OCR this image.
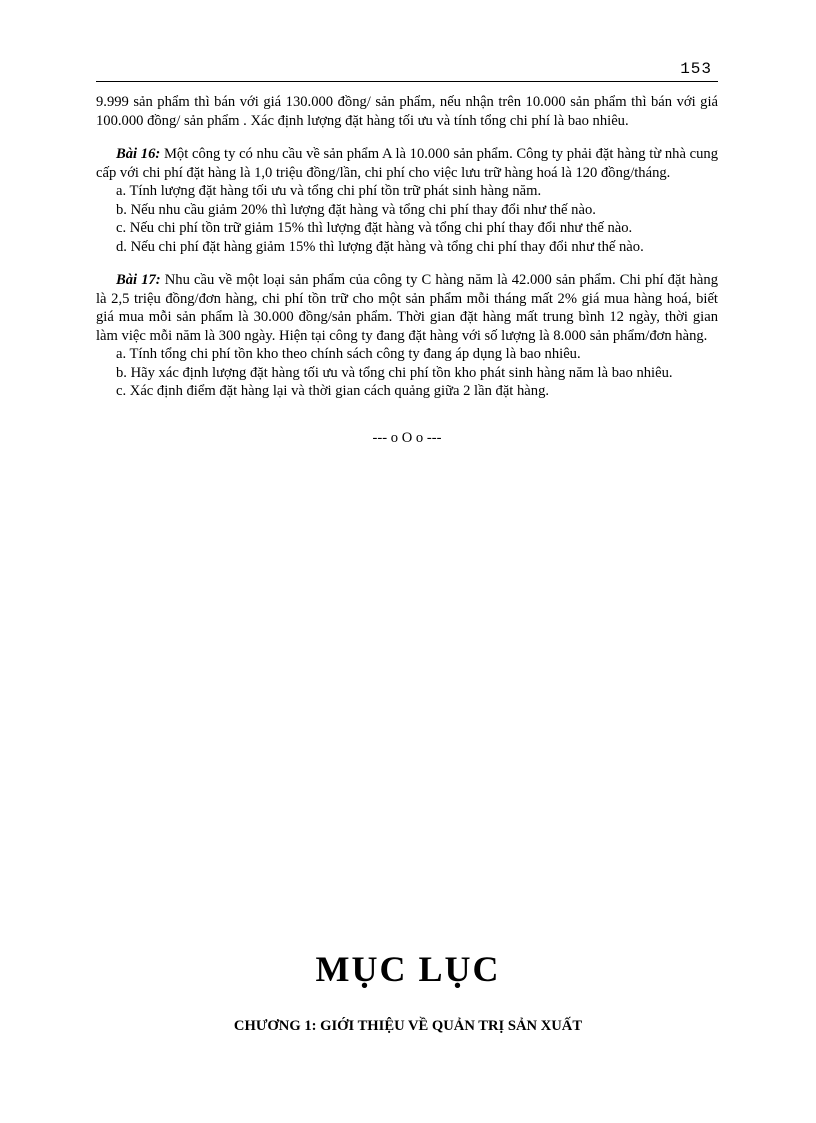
153

9.999 sản phẩm thì bán với giá 130.000 đồng/ sản phẩm, nếu nhận trên 10.000 sản phẩm thì bán với giá 100.000 đồng/ sản phẩm . Xác định lượng đặt hàng tối ưu và tính tổng chi phí là bao nhiêu.

Bài 16: Một công ty có nhu cầu về sản phẩm A là 10.000 sản phẩm. Công ty phải đặt hàng từ nhà cung cấp với chi phí đặt hàng là 1,0 triệu đồng/lần, chi phí cho việc lưu trữ hàng hoá là 120 đồng/tháng.

a. Tính lượng đặt hàng tối ưu và tổng chi phí tồn trữ phát sinh hàng năm.

b. Nếu nhu cầu giảm 20% thì lượng đặt hàng và tổng chi phí thay đổi như thế nào.

c. Nếu chi phí tồn trữ giảm 15% thì lượng đặt hàng và tổng chi phí thay đổi như thế nào.

d. Nếu chi phí đặt hàng giảm 15% thì lượng đặt hàng và tổng chi phí thay đổi như thế nào.

Bài 17: Nhu cầu về một loại sản phẩm của công ty C hàng năm là 42.000 sản phẩm. Chi phí đặt hàng là 2,5 triệu đồng/đơn hàng, chi phí tồn trữ cho một sản phẩm mỗi tháng mất 2% giá mua hàng hoá, biết giá mua mỗi sản phẩm là 30.000 đồng/sản phẩm. Thời gian đặt hàng mất trung bình 12 ngày, thời gian làm việc mỗi năm là 300 ngày. Hiện tại công ty đang đặt hàng với số lượng là 8.000 sản phẩm/đơn hàng.

a. Tính tổng chi phí tồn kho theo chính sách công ty đang áp dụng là bao nhiêu.

b. Hãy xác định lượng đặt hàng tối ưu và tổng chi phí tồn kho phát sinh hàng năm là bao nhiêu.

c. Xác định điểm đặt hàng lại và thời gian cách quảng giữa 2 lần đặt hàng.

--- o O o ---

MỤC LỤC
CHƯƠNG 1: GIỚI THIỆU VỀ QUẢN TRỊ SẢN XUẤT
